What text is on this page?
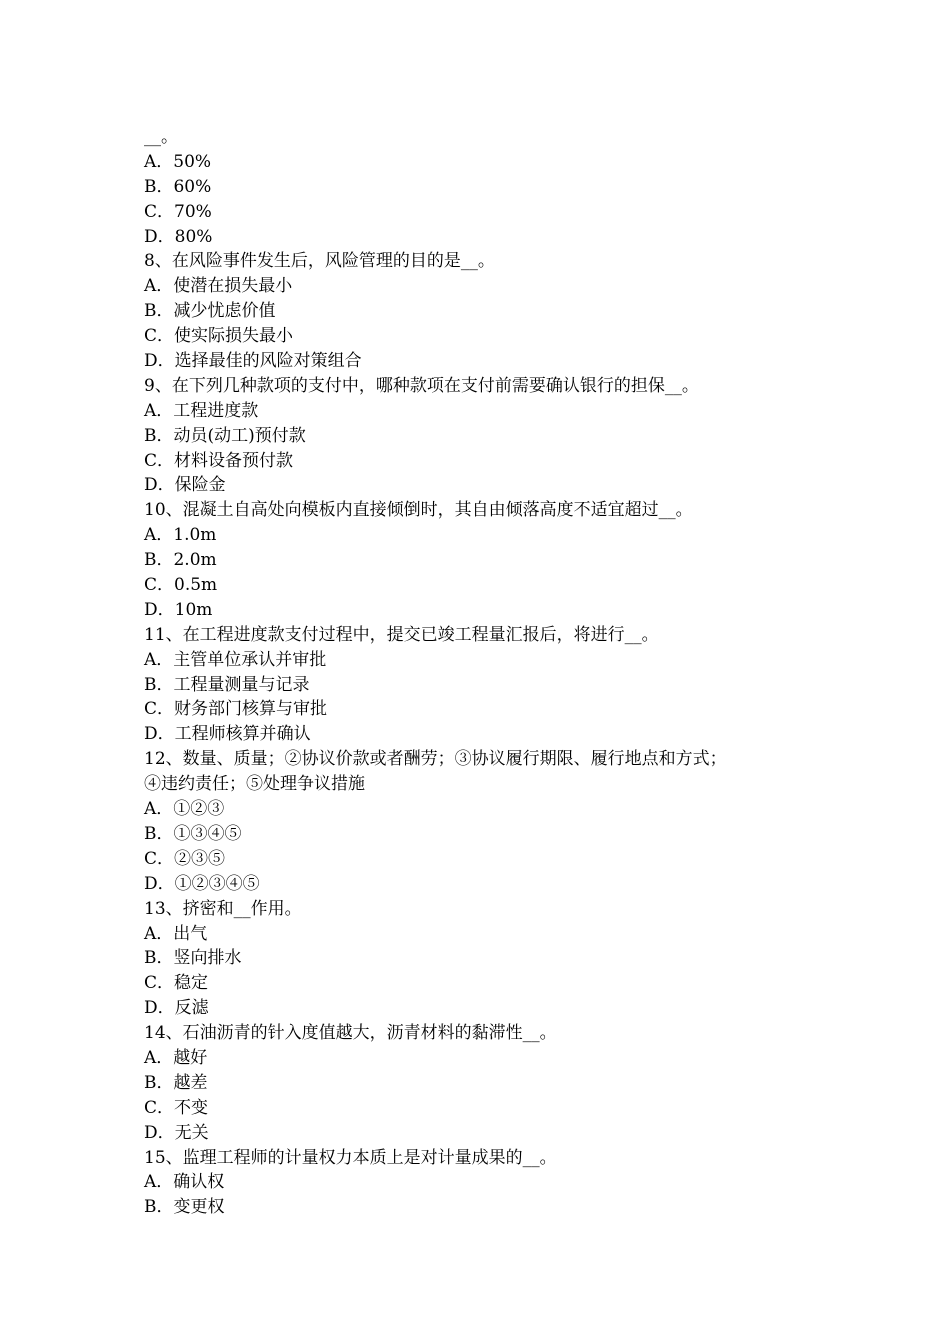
__。
A．50%
B．60%
C．70%
D．80%
8、在风险事件发生后，风险管理的目的是__。
A．使潜在损失最小
B．减少忧虑价值
C．使实际损失最小
D．选择最佳的风险对策组合
9、在下列几种款项的支付中，哪种款项在支付前需要确认银行的担保__。
A．工程进度款
B．动员(动工)预付款
C．材料设备预付款
D．保险金
10、混凝土自高处向模板内直接倾倒时，其自由倾落高度不适宜超过__。
A．1.0m
B．2.0m
C．0.5m
D．10m
11、在工程进度款支付过程中，提交已竣工程量汇报后，将进行__。
A．主管单位承认并审批
B．工程量测量与记录
C．财务部门核算与审批
D．工程师核算并确认
12、数量、质量；②协议价款或者酬劳；③协议履行期限、履行地点和方式；
④违约责任；⑤处理争议措施
A．①②③
B．①③④⑤
C．②③⑤
D．①②③④⑤
13、挤密和__作用。
A．出气
B．竖向排水
C．稳定
D．反滤
14、石油沥青的针入度值越大，沥青材料的黏滞性__。
A．越好
B．越差
C．不变
D．无关
15、监理工程师的计量权力本质上是对计量成果的__。
A．确认权
B．变更权
